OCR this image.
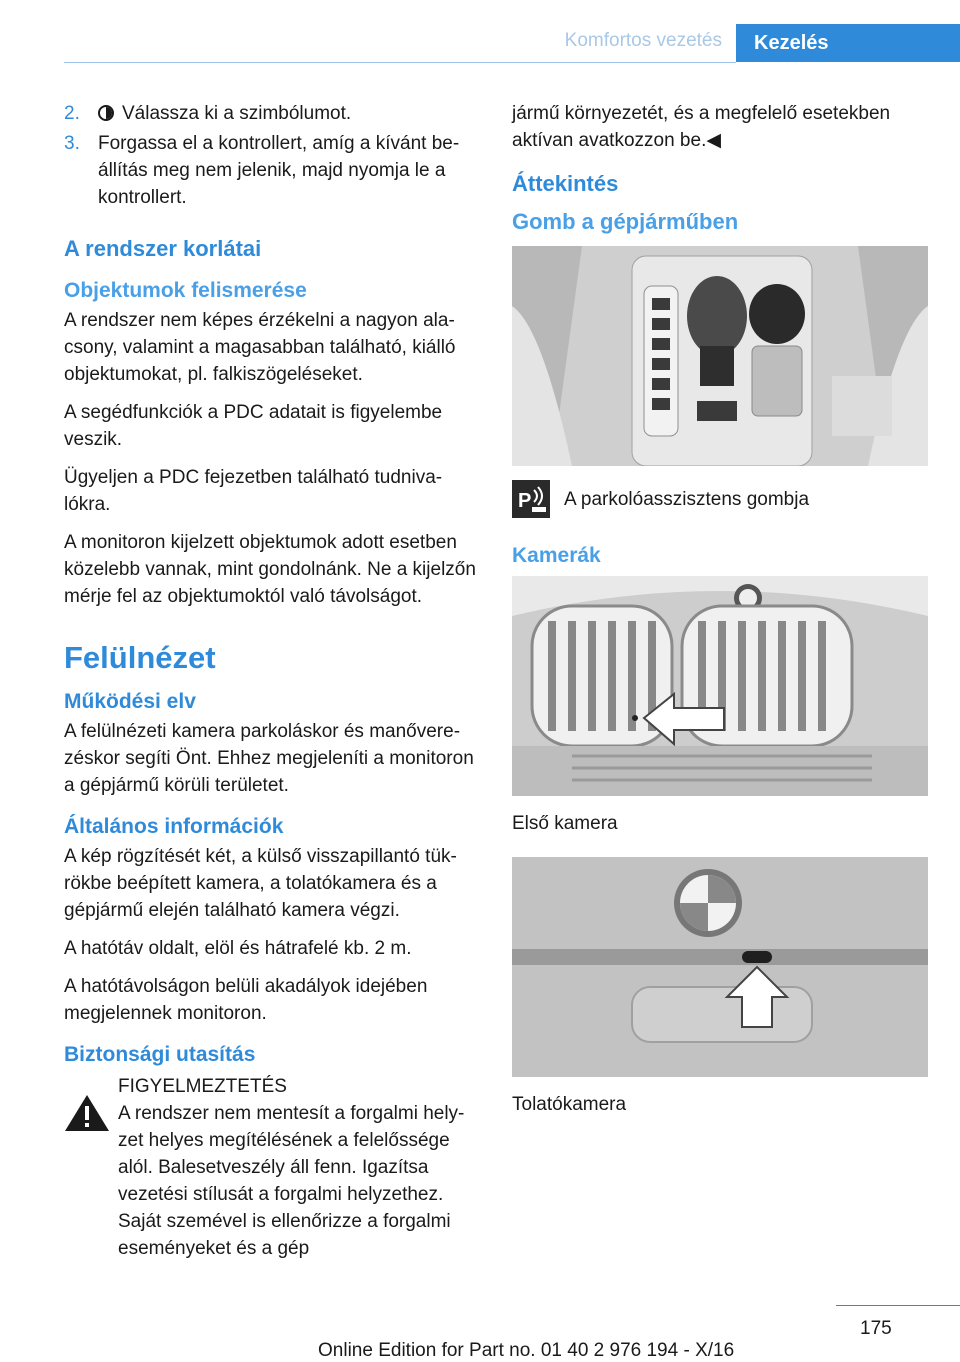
Komfortos vezetés	Kezelés
2.	Válassza ki a szimbólumot.
3. Forgassa el a kontrollert, amíg a kívánt beállítás meg nem jelenik, majd nyomja le a kontrollert.
A rendszer korlátai
Objektumok felismerése

A rendszer nem képes érzékelni a nagyon alacsony, valamint a magasabban található, kiálló objektumokat, pl. falkiszögeléseket.

A segédfunkciók a PDC adatait is figyelembe veszik.

Ügyeljen a PDC fejezetben található tudnivalókra.

A monitoron kijelzett objektumok adott esetben közelebb vannak, mint gondolnánk. Ne a kijelzőn mérje fel az objektumoktól való távolságot.

Felülnézet
Működési elv

A felülnézeti kamera parkoláskor és manőverezéskor segíti Önt. Ehhez megjeleníti a monitoron a gépjármű körüli területet.

Általános információk

A kép rögzítését két, a külső visszapillantó tükrökbe beépített kamera, a tolatókamera és a gépjármű elején található kamera végzi.

A hatótáv oldalt, elöl és hátrafelé kb. 2 m.

A hatótávolságon belüli akadályok idejében megjelennek monitoron.

Biztonsági utasítás
FIGYELMEZTETÉS
A rendszer nem mentesít a forgalmi helyzet helyes megítélésének a felelőssége alól. Balesetveszély áll fenn. Igazítsa vezetési stílusát a forgalmi helyzethez. Saját szemével is ellenőrizze a forgalmi eseményeket és a gép

jármű környezetét, és a megfelelő esetekben aktívan avatkozzon be.◀

Áttekintés
Gomb a gépjárműben
P A parkolóasszisztens gombja
Kamerák

Első kamera

Tolatókamera

175
Online Edition for Part no. 01 40 2 976 194 - X/16
